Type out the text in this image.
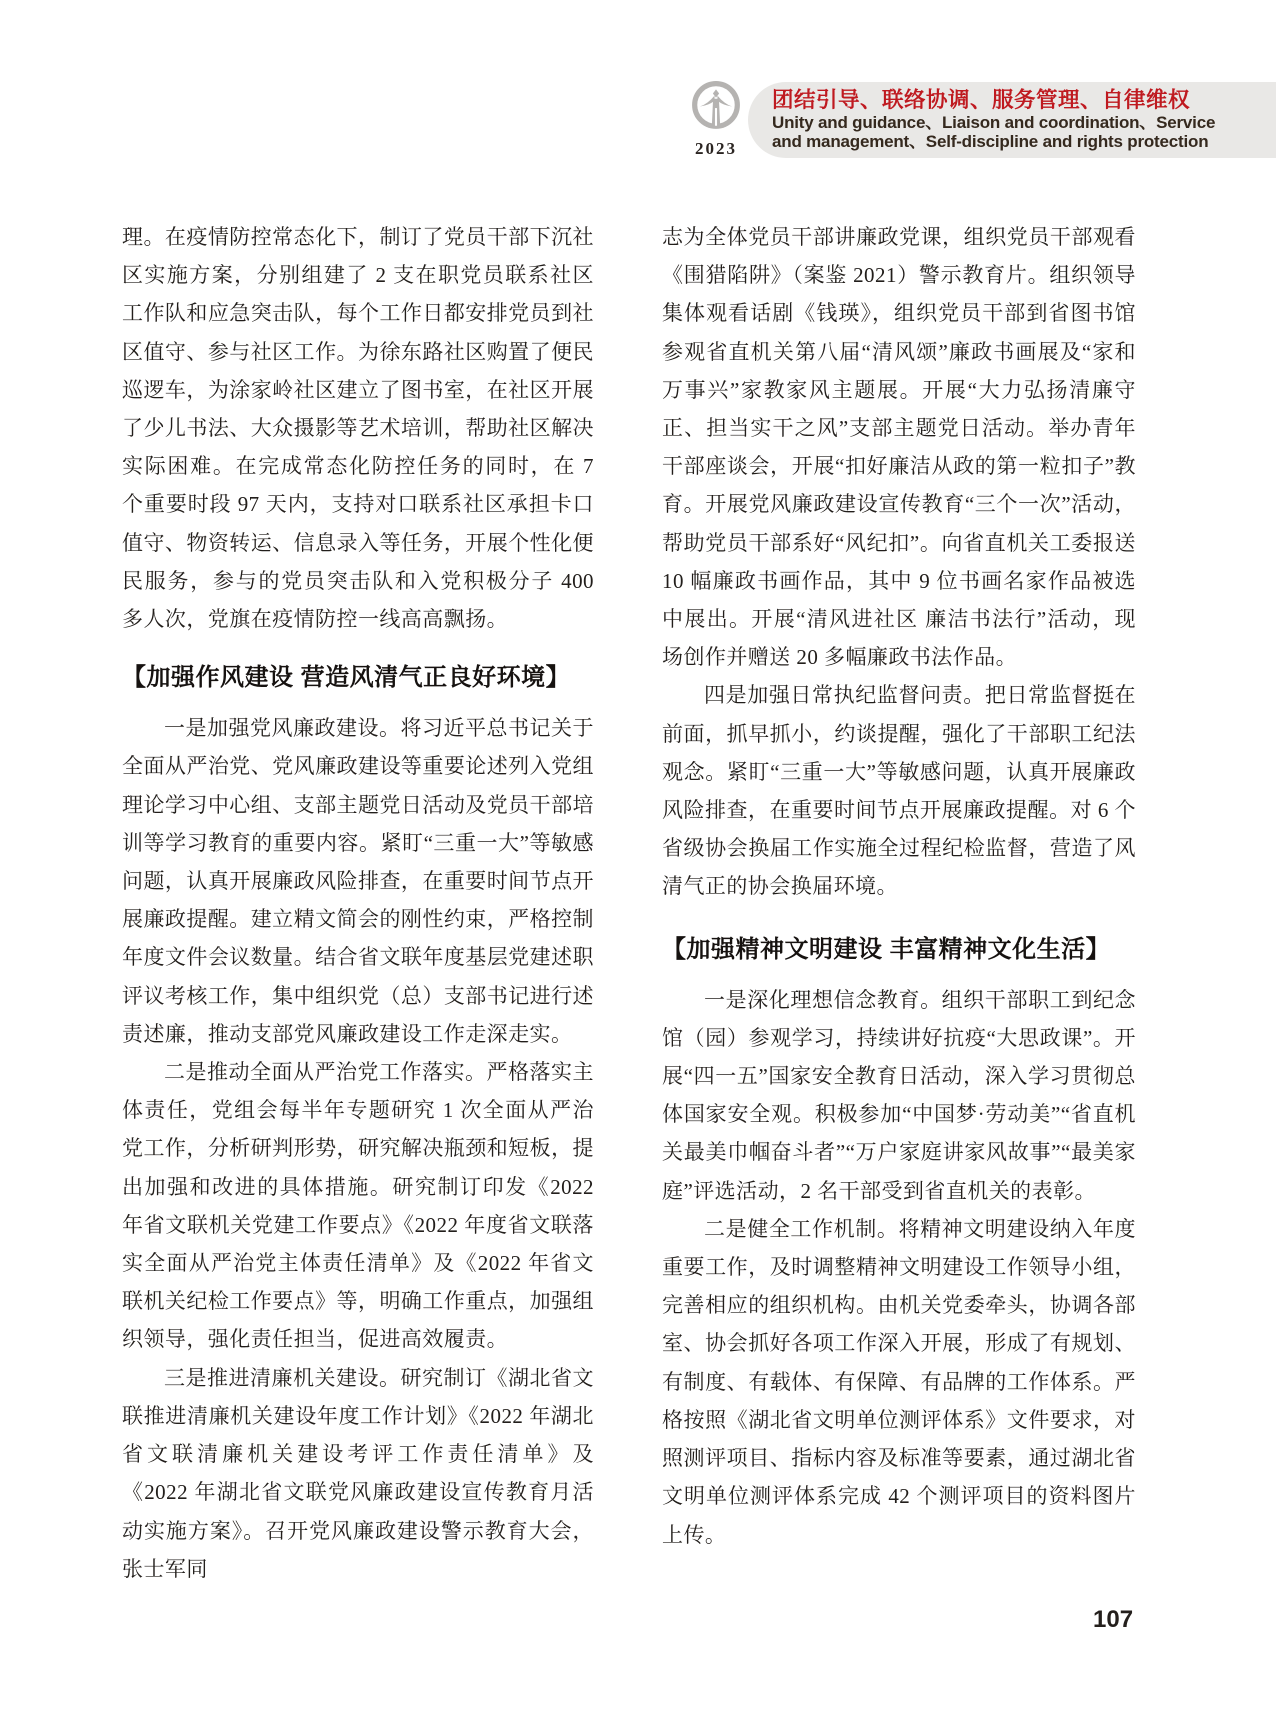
2023
团结引导、联络协调、服务管理、自律维权
Unity and guidance、Liaison and coordination、Service
and management、Self-discipline and rights protection

理。在疫情防控常态化下，制订了党员干部下沉社区实施方案，分别组建了 2 支在职党员联系社区工作队和应急突击队，每个工作日都安排党员到社区值守、参与社区工作。为徐东路社区购置了便民巡逻车，为涂家岭社区建立了图书室，在社区开展了少儿书法、大众摄影等艺术培训，帮助社区解决实际困难。在完成常态化防控任务的同时，在 7 个重要时段 97 天内，支持对口联系社区承担卡口值守、物资转运、信息录入等任务，开展个性化便民服务，参与的党员突击队和入党积极分子 400 多人次，党旗在疫情防控一线高高飘扬。

【加强作风建设 营造风清气正良好环境】

一是加强党风廉政建设。将习近平总书记关于全面从严治党、党风廉政建设等重要论述列入党组理论学习中心组、支部主题党日活动及党员干部培训等学习教育的重要内容。紧盯“三重一大”等敏感问题，认真开展廉政风险排查，在重要时间节点开展廉政提醒。建立精文简会的刚性约束，严格控制年度文件会议数量。结合省文联年度基层党建述职评议考核工作，集中组织党（总）支部书记进行述责述廉，推动支部党风廉政建设工作走深走实。

二是推动全面从严治党工作落实。严格落实主体责任，党组会每半年专题研究 1 次全面从严治党工作，分析研判形势，研究解决瓶颈和短板，提出加强和改进的具体措施。研究制订印发《2022 年省文联机关党建工作要点》《2022 年度省文联落实全面从严治党主体责任清单》及《2022 年省文联机关纪检工作要点》等，明确工作重点，加强组织领导，强化责任担当，促进高效履责。

三是推进清廉机关建设。研究制订《湖北省文联推进清廉机关建设年度工作计划》《2022 年湖北省文联清廉机关建设考评工作责任清单》及《2022 年湖北省文联党风廉政建设宣传教育月活动实施方案》。召开党风廉政建设警示教育大会，张士军同

志为全体党员干部讲廉政党课，组织党员干部观看《围猎陷阱》（案鉴 2021）警示教育片。组织领导集体观看话剧《钱瑛》，组织党员干部到省图书馆参观省直机关第八届“清风颂”廉政书画展及“家和万事兴”家教家风主题展。开展“大力弘扬清廉守正、担当实干之风”支部主题党日活动。举办青年干部座谈会，开展“扣好廉洁从政的第一粒扣子”教育。开展党风廉政建设宣传教育“三个一次”活动，帮助党员干部系好“风纪扣”。向省直机关工委报送 10 幅廉政书画作品，其中 9 位书画名家作品被选中展出。开展“清风进社区 廉洁书法行”活动，现场创作并赠送 20 多幅廉政书法作品。

四是加强日常执纪监督问责。把日常监督挺在前面，抓早抓小，约谈提醒，强化了干部职工纪法观念。紧盯“三重一大”等敏感问题，认真开展廉政风险排查，在重要时间节点开展廉政提醒。对 6 个省级协会换届工作实施全过程纪检监督，营造了风清气正的协会换届环境。

【加强精神文明建设 丰富精神文化生活】

一是深化理想信念教育。组织干部职工到纪念馆（园）参观学习，持续讲好抗疫“大思政课”。开展“四一五”国家安全教育日活动，深入学习贯彻总体国家安全观。积极参加“中国梦·劳动美”“省直机关最美巾帼奋斗者”“万户家庭讲家风故事”“最美家庭”评选活动，2 名干部受到省直机关的表彰。

二是健全工作机制。将精神文明建设纳入年度重要工作，及时调整精神文明建设工作领导小组，完善相应的组织机构。由机关党委牵头，协调各部室、协会抓好各项工作深入开展，形成了有规划、有制度、有载体、有保障、有品牌的工作体系。严格按照《湖北省文明单位测评体系》文件要求，对照测评项目、指标内容及标准等要素，通过湖北省文明单位测评体系完成 42 个测评项目的资料图片上传。

107
